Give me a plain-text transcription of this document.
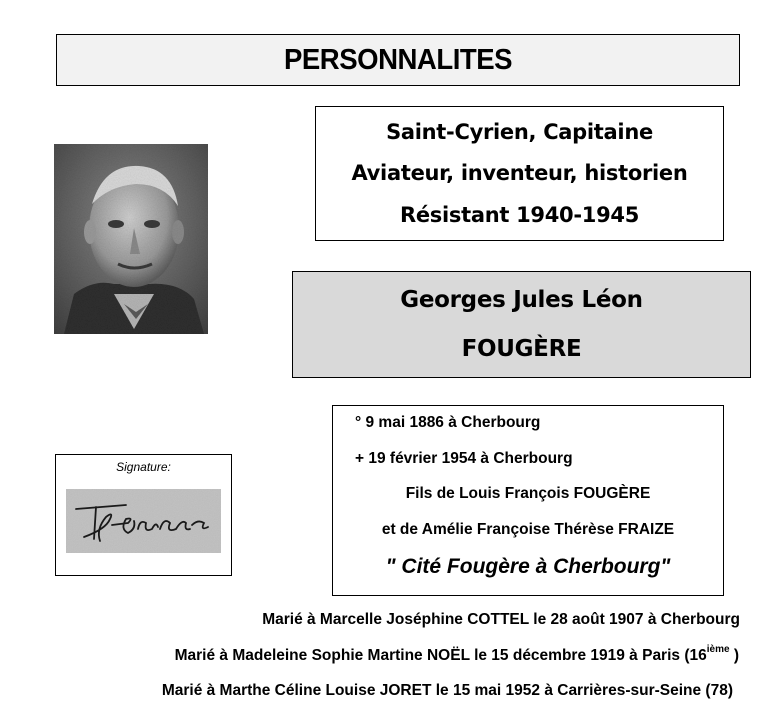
PERSONNALITES
Saint-Cyrien, Capitaine
Aviateur, inventeur, historien
Résistant 1940-1945
Georges Jules Léon
FOUGÈRE
Signature:
° 9 mai 1886 à Cherbourg
+ 19 février 1954 à Cherbourg
Fils de Louis François FOUGÈRE
et de Amélie Françoise Thérèse FRAIZE
" Cité Fougère à Cherbourg"
Marié à Marcelle Joséphine COTTEL le 28 août 1907 à Cherbourg
Marié à Madeleine Sophie Martine NOËL le 15 décembre 1919 à Paris (16ième )
Marié à Marthe Céline Louise JORET le 15 mai 1952 à Carrières-sur-Seine (78)
